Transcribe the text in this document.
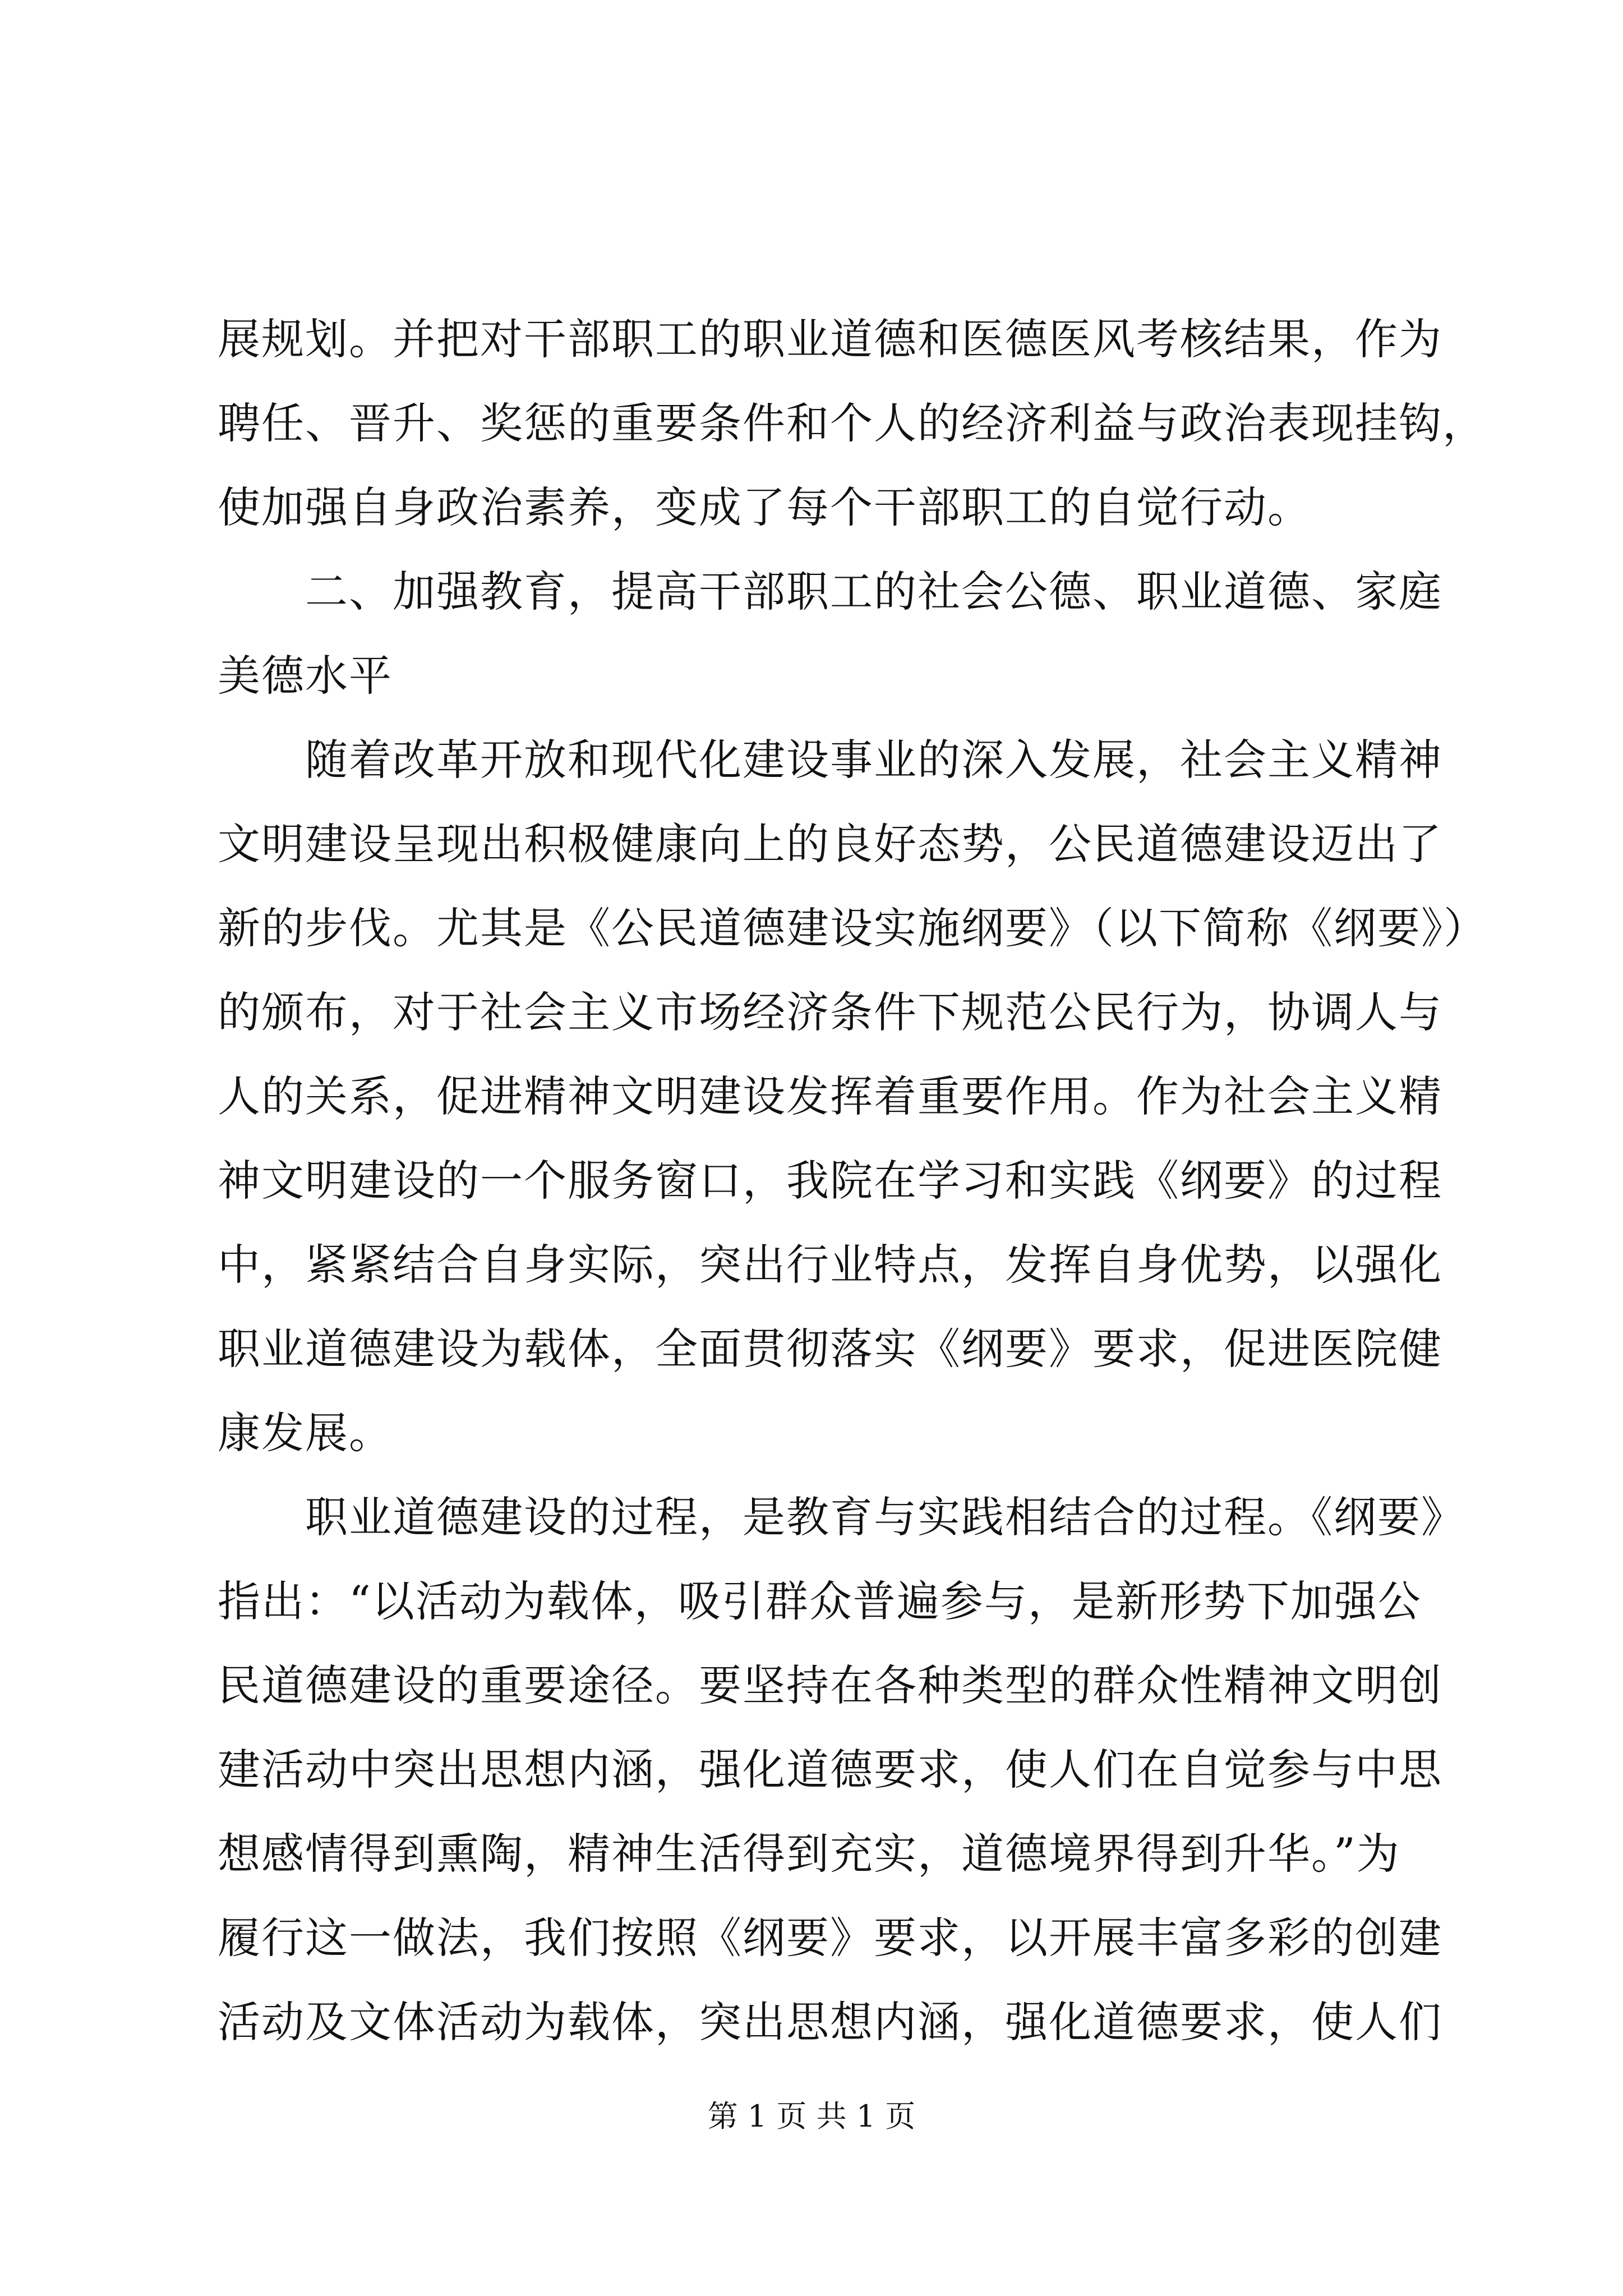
展规划。并把对干部职工的职业道德和医德医风考核结果，作为
聘任、晋升、奖惩的重要条件和个人的经济利益与政治表现挂钩，
使加强自身政治素养，变成了每个干部职工的自觉行动。
　　二、加强教育，提高干部职工的社会公德、职业道德、家庭
美德水平
　　随着改革开放和现代化建设事业的深入发展，社会主义精神
文明建设呈现出积极健康向上的良好态势，公民道德建设迈出了
新的步伐。尤其是《公民道德建设实施纲要》（以下简称《纲要》）
的颁布，对于社会主义市场经济条件下规范公民行为，协调人与
人的关系，促进精神文明建设发挥着重要作用。作为社会主义精
神文明建设的一个服务窗口，我院在学习和实践《纲要》的过程
中，紧紧结合自身实际，突出行业特点，发挥自身优势，以强化
职业道德建设为载体，全面贯彻落实《纲要》要求，促进医院健
康发展。
　　职业道德建设的过程，是教育与实践相结合的过程。《纲要》
指出：“以活动为载体，吸引群众普遍参与，是新形势下加强公
民道德建设的重要途径。要坚持在各种类型的群众性精神文明创
建活动中突出思想内涵，强化道德要求，使人们在自觉参与中思
想感情得到熏陶，精神生活得到充实，道德境界得到升华。”为
履行这一做法，我们按照《纲要》要求，以开展丰富多彩的创建
活动及文体活动为载体，突出思想内涵，强化道德要求，使人们
第 1 页 共 1 页
